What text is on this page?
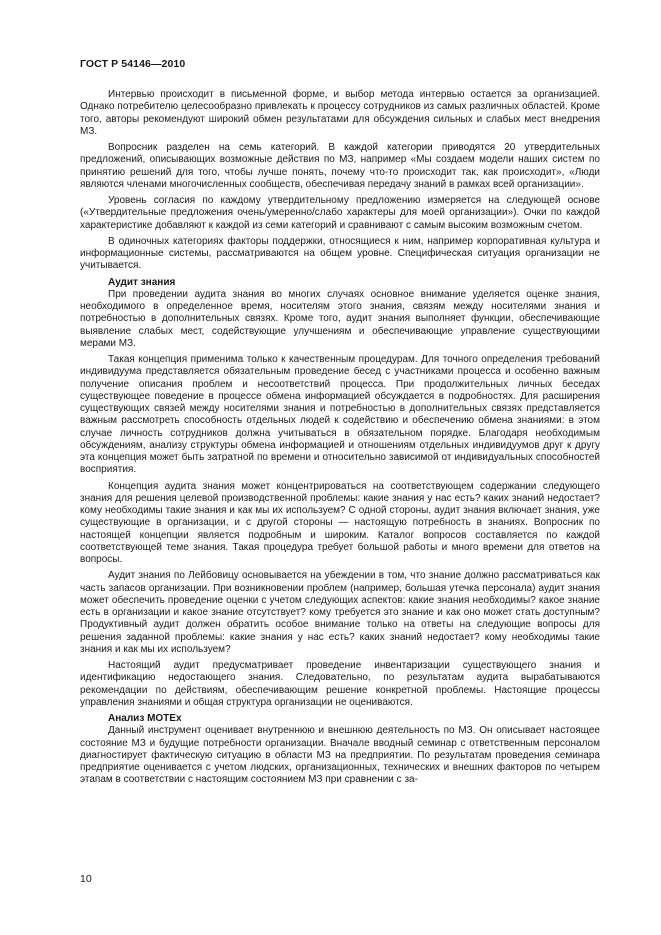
ГОСТ Р 54146—2010

Интервью происходит в письменной форме, и выбор метода интервью остается за организацией. Однако потребителю целесообразно привлекать к процессу сотрудников из самых различных областей. Кроме того, авторы рекомендуют широкий обмен результатами для обсуждения сильных и слабых мест внедрения МЗ.

Вопросник разделен на семь категорий. В каждой категории приводятся 20 утвердительных предложений, описывающих возможные действия по МЗ, например «Мы создаем модели наших систем по принятию решений для того, чтобы лучше понять, почему что-то происходит так, как происходит», «Люди являются членами многочисленных сообществ, обеспечивая передачу знаний в рамках всей организации».

Уровень согласия по каждому утвердительному предложению измеряется на следующей основе («Утвердительные предложения очень/умеренно/слабо характеры для моей организации»). Очки по каждой характеристике добавляют к каждой из семи категорий и сравнивают с самым высоким возможным счетом.

В одиночных категориях факторы поддержки, относящиеся к ним, например корпоративная культура и информационные системы, рассматриваются на общем уровне. Специфическая ситуация организации не учитывается.

Аудит знания

При проведении аудита знания во многих случаях основное внимание уделяется оценке знания, необходимого в определенное время, носителям этого знания, связям между носителями знания и потребностью в дополнительных связях. Кроме того, аудит знания выполняет функции, обеспечивающие выявление слабых мест, содействующие улучшениям и обеспечивающие управление существующими мерами МЗ.

Такая концепция применима только к качественным процедурам. Для точного определения требований индивидуума представляется обязательным проведение бесед с участниками процесса и особенно важным получение описания проблем и несоответствий процесса. При продолжительных личных беседах существующее поведение в процессе обмена информацией обсуждается в подробностях. Для расширения существующих связей между носителями знания и потребностью в дополнительных связях представляется важным рассмотреть способность отдельных людей к содействию и обеспечению обмена знаниями: в этом случае личность сотрудников должна учитываться в обязательном порядке. Благодаря необходимым обсуждениям, анализу структуры обмена информацией и отношениям отдельных индивидуумов друг к другу эта концепция может быть затратной по времени и относительно зависимой от индивидуальных способностей восприятия.

Концепция аудита знания может концентрироваться на соответствующем содержании следующего знания для решения целевой производственной проблемы: какие знания у нас есть? каких знаний недостает? кому необходимы такие знания и как мы их используем? С одной стороны, аудит знания включает знания, уже существующие в организации, и с другой стороны — настоящую потребность в знаниях. Вопросник по настоящей концепции является подробным и широким. Каталог вопросов составляется по каждой соответствующей теме знания. Такая процедура требует большой работы и много времени для ответов на вопросы.

Аудит знания по Лейбовицу основывается на убеждении в том, что знание должно рассматриваться как часть запасов организации. При возникновении проблем (например, большая утечка персонала) аудит знания может обеспечить проведение оценки с учетом следующих аспектов: какие знания необходимы? какое знание есть в организации и какое знание отсутствует? кому требуется это знание и как оно может стать доступным? Продуктивный аудит должен обратить особое внимание только на ответы на следующие вопросы для решения заданной проблемы: какие знания у нас есть? каких знаний недостает? кому необходимы такие знания и как мы их используем?

Настоящий аудит предусматривает проведение инвентаризации существующего знания и идентификацию недостающего знания. Следовательно, по результатам аудита вырабатываются рекомендации по действиям, обеспечивающим решение конкретной проблемы. Настоящие процессы управления знаниями и общая структура организации не оцениваются.

Анализ МОТЕх

Данный инструмент оценивает внутреннюю и внешнюю деятельность по МЗ. Он описывает настоящее состояние МЗ и будущие потребности организации. Вначале вводный семинар с ответственным персоналом диагностирует фактическую ситуацию в области МЗ на предприятии. По результатам проведения семинара предприятие оценивается с учетом людских, организационных, технических и внешних факторов по четырем этапам в соответствии с настоящим состоянием МЗ при сравнении с за-

10
